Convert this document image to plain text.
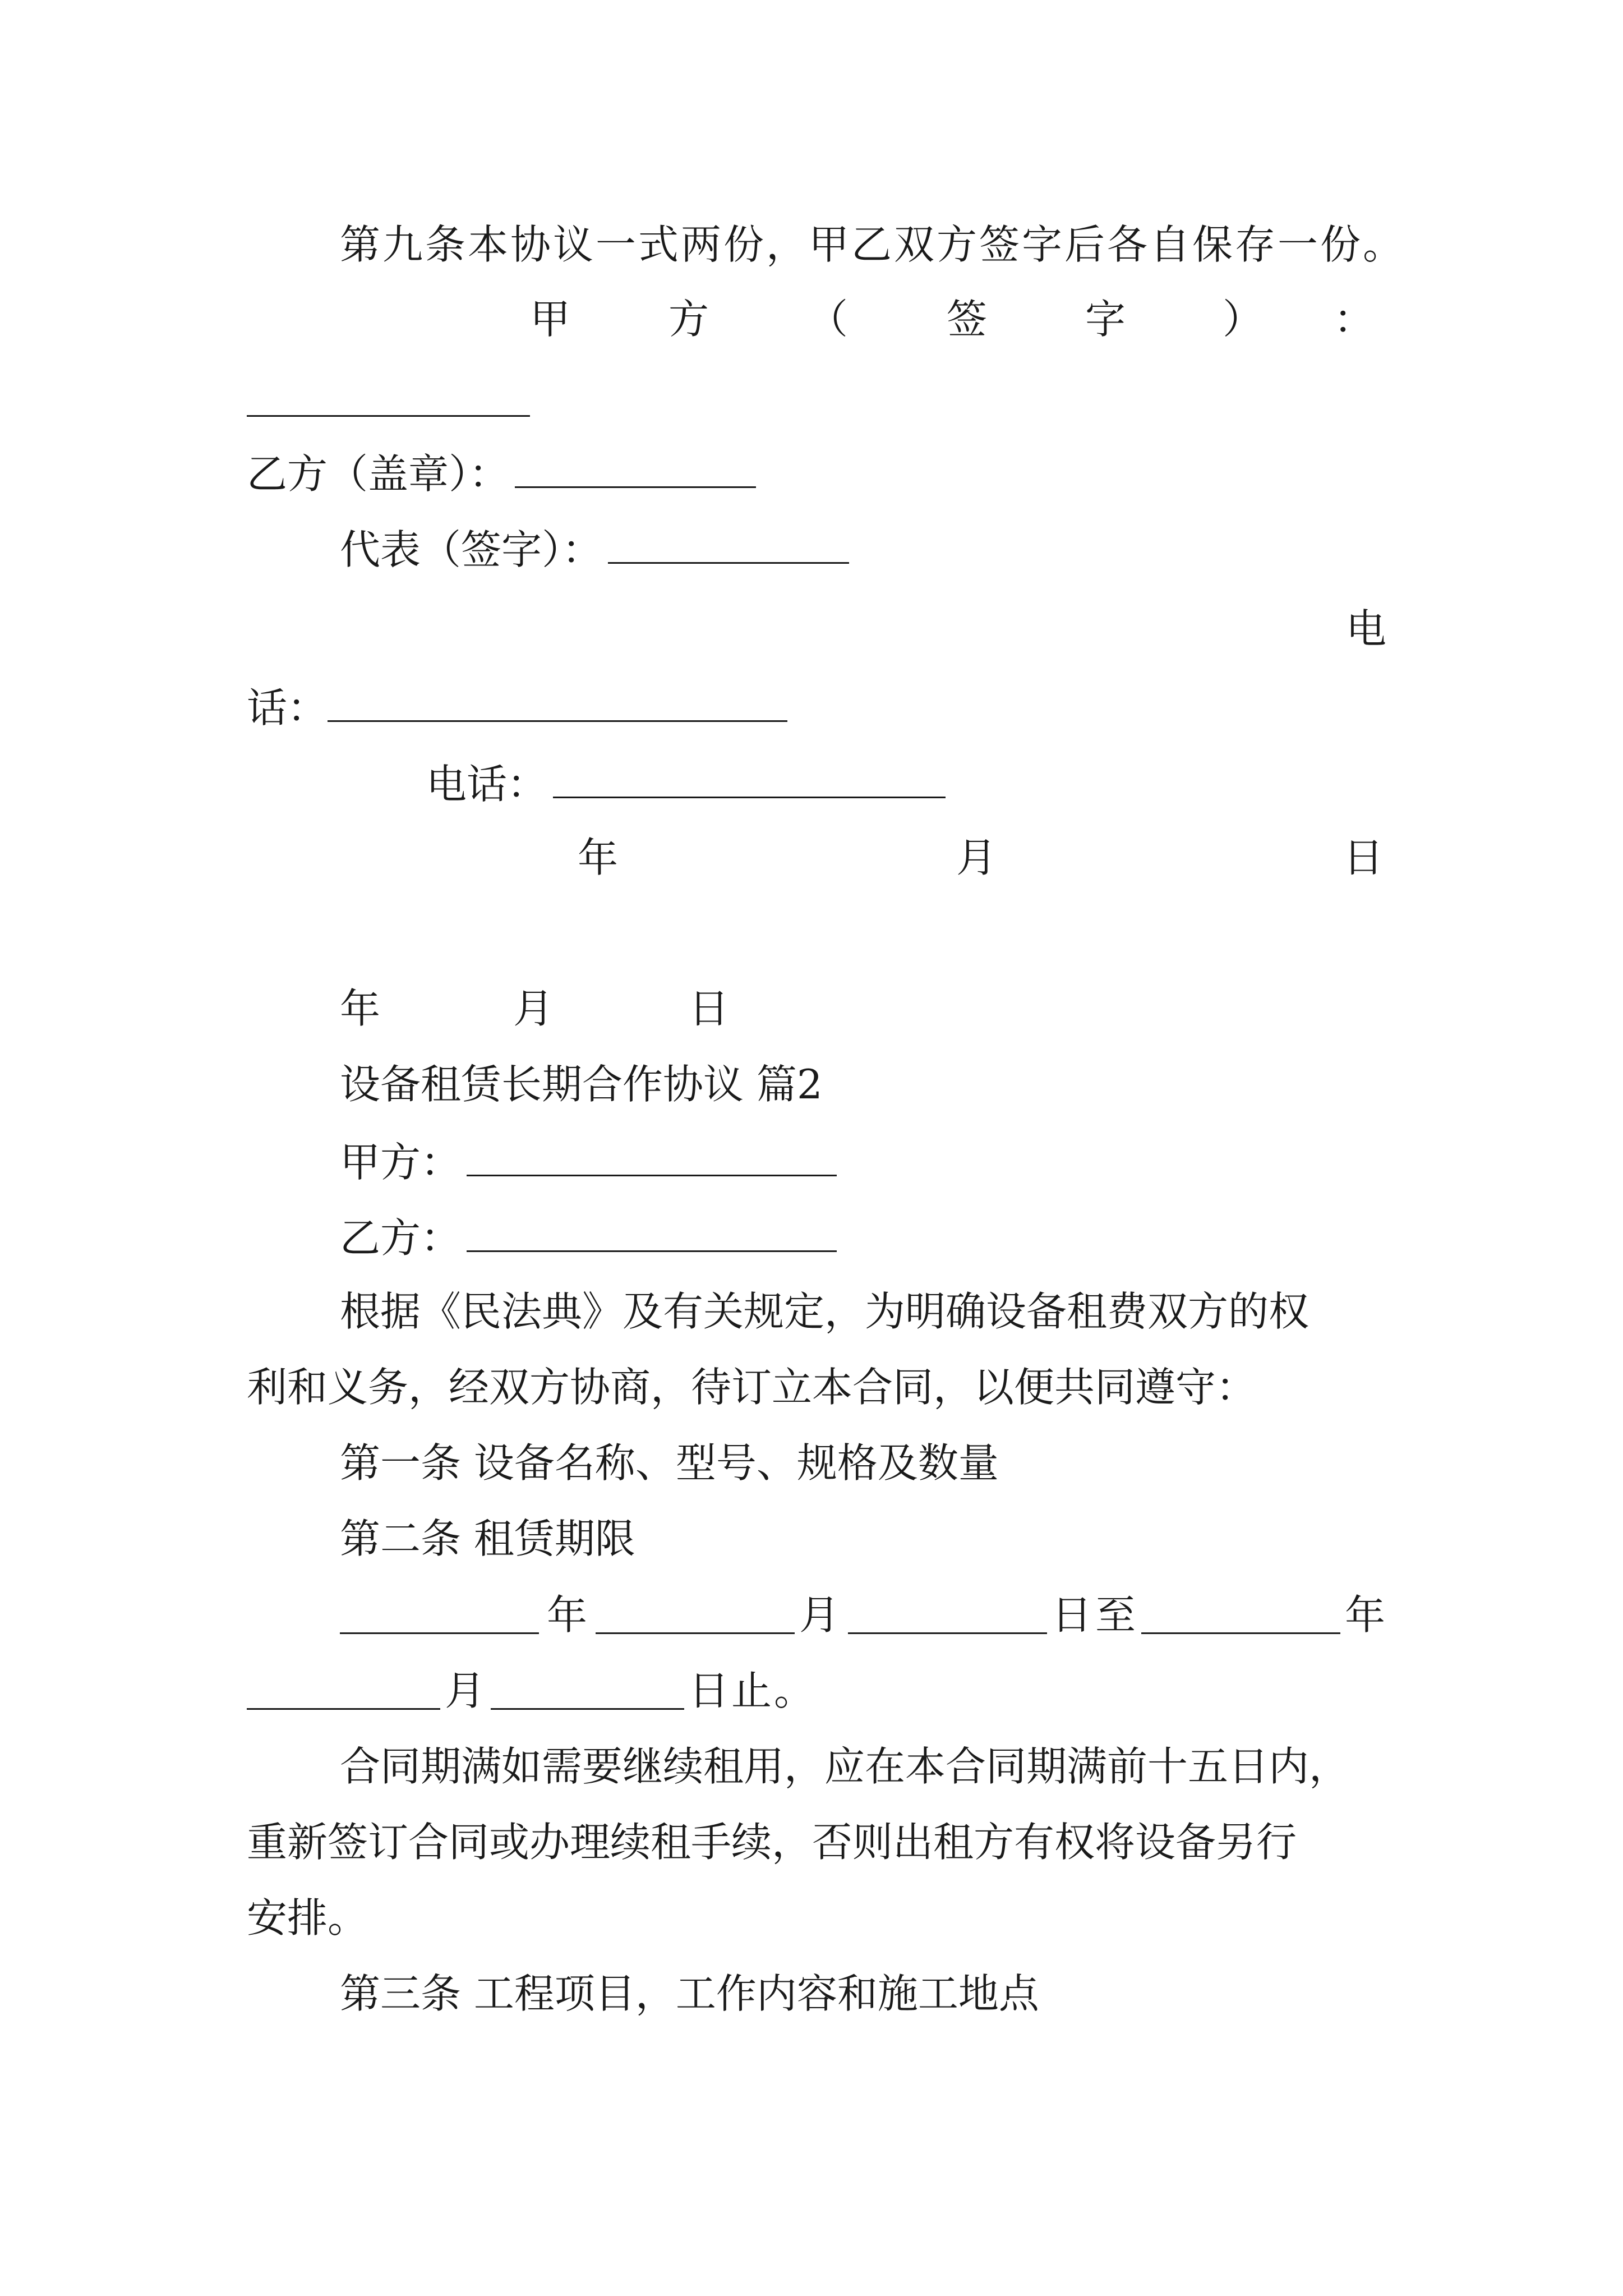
第九条本协议一式两份，甲乙双方签字后各自保存一份。
甲 方 （ 签 字 ） ：
乙方（盖章）：
代表（签字）：
电
话：
电话：
年	月	日
年	月	日
设备租赁长期合作协议 篇2
甲方：
乙方：
根据《民法典》及有关规定，为明确设备租费双方的权
利和义务，经双方协商，待订立本合同，以便共同遵守：
第一条 设备名称、型号、规格及数量
第二条 租赁期限
年	月	日至	年
月	日止。
合同期满如需要继续租用，应在本合同期满前十五日内，
重新签订合同或办理续租手续，否则出租方有权将设备另行
安排。
第三条 工程项目，工作内容和施工地点
